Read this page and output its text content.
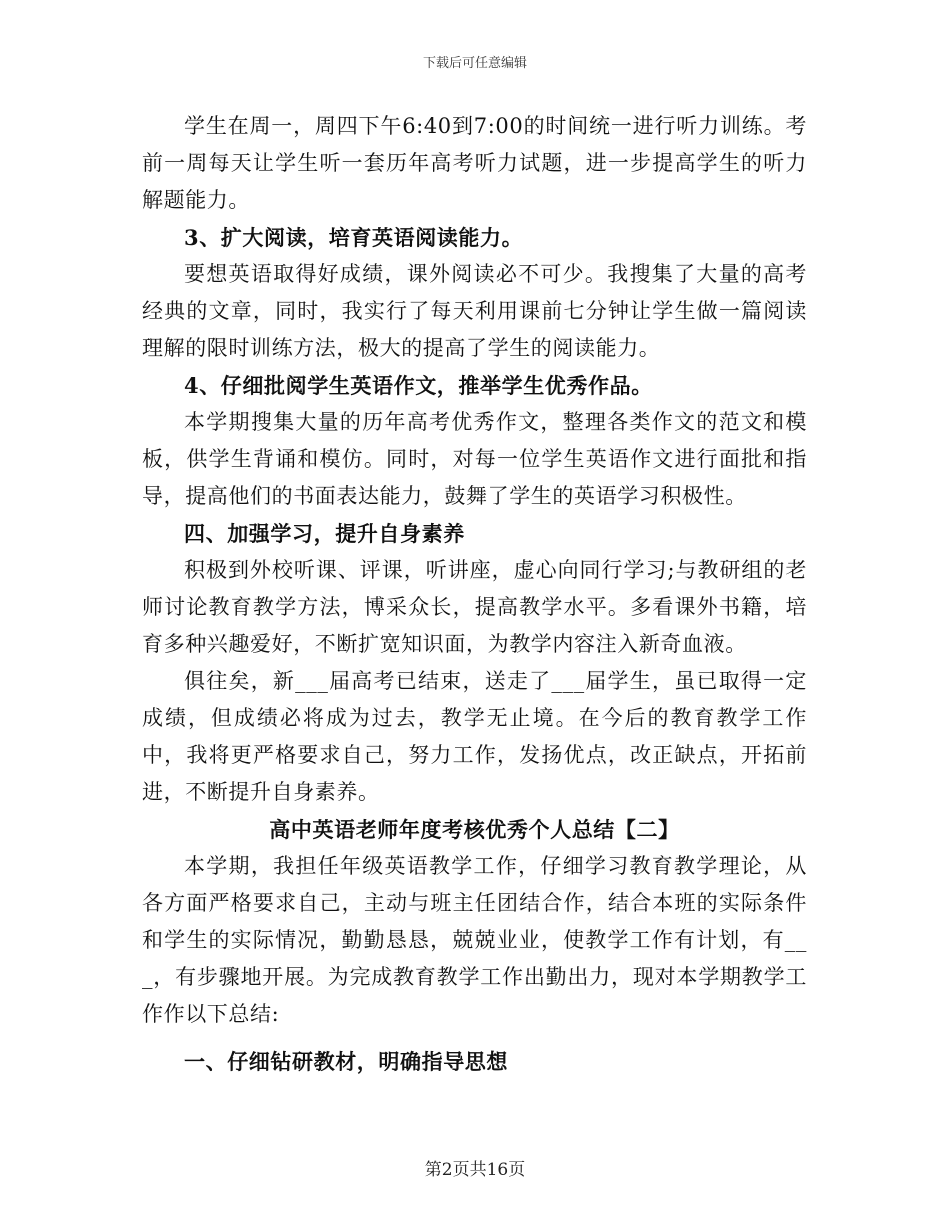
下载后可任意编辑

学生在周一，周四下午6:40到7:00的时间统一进行听力训练。考前一周每天让学生听一套历年高考听力试题，进一步提高学生的听力解题能力。

3、扩大阅读，培育英语阅读能力。

要想英语取得好成绩，课外阅读必不可少。我搜集了大量的高考经典的文章，同时，我实行了每天利用课前七分钟让学生做一篇阅读理解的限时训练方法，极大的提高了学生的阅读能力。

4、仔细批阅学生英语作文，推举学生优秀作品。

本学期搜集大量的历年高考优秀作文，整理各类作文的范文和模板，供学生背诵和模仿。同时，对每一位学生英语作文进行面批和指导，提高他们的书面表达能力，鼓舞了学生的英语学习积极性。

四、加强学习，提升自身素养

积极到外校听课、评课，听讲座，虚心向同行学习;与教研组的老师讨论教育教学方法，博采众长，提高教学水平。多看课外书籍，培育多种兴趣爱好，不断扩宽知识面，为教学内容注入新奇血液。

俱往矣，新___届高考已结束，送走了___届学生，虽已取得一定成绩，但成绩必将成为过去，教学无止境。在今后的教育教学工作中，我将更严格要求自己，努力工作，发扬优点，改正缺点，开拓前进，不断提升自身素养。

高中英语老师年度考核优秀个人总结【二】

本学期，我担任年级英语教学工作，仔细学习教育教学理论，从各方面严格要求自己，主动与班主任团结合作，结合本班的实际条件和学生的实际情况，勤勤恳恳，兢兢业业，使教学工作有计划，有___，有步骤地开展。为完成教育教学工作出勤出力，现对本学期教学工作作以下总结:

一、仔细钻研教材，明确指导思想

第2页共16页
